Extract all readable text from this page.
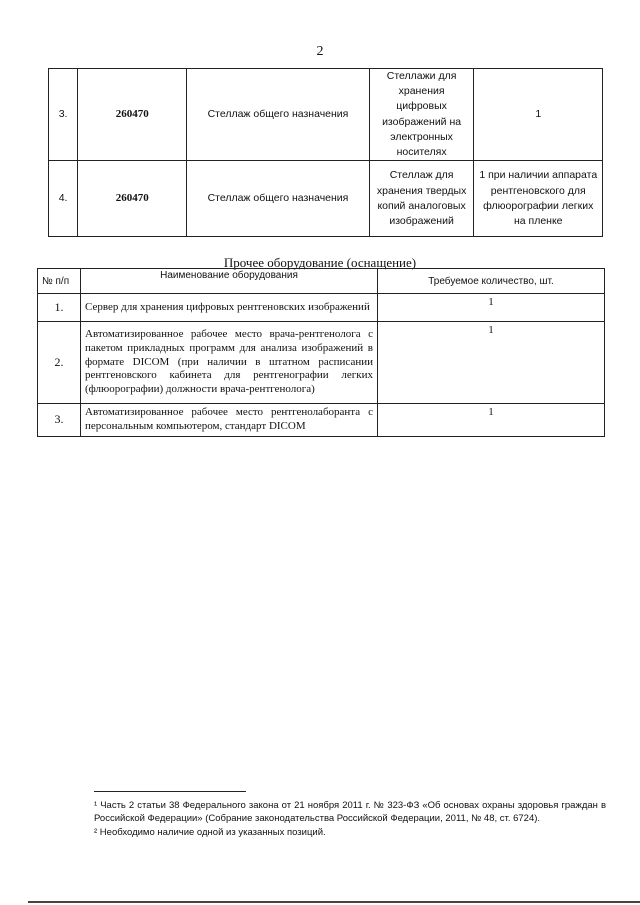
2
3.	260470	Стеллаж общего назначения	Стеллажи для хранения цифровых изображений на электронных носителях	1
4.	260470	Стеллаж общего назначения	Стеллаж для хранения твердых копий аналоговых изображений	1 при наличии аппарата рентгеновского для флюорографии легких на пленке
Прочее оборудование (оснащение)
№ п/п	Наименование оборудования	Требуемое количество, шт.
1.	Сервер для хранения цифровых рентгеновских изображений	1
2.	Автоматизированное рабочее место врача-рентгенолога с пакетом прикладных программ для анализа изображений в формате DICOM (при наличии в штатном расписании рентгеновского кабинета для рентгенографии легких (флюорографии) должности врача-рентгенолога)	1
3.	Автоматизированное рабочее место рентгенолаборанта с персональным компьютером, стандарт DICOM	1

¹ Часть 2 статьи 38 Федерального закона от 21 ноября 2011 г. № 323-ФЗ «Об основах охраны здоровья граждан в Российской Федерации» (Собрание законодательства Российской Федерации, 2011, № 48, ст. 6724).

² Необходимо наличие одной из указанных позиций.
